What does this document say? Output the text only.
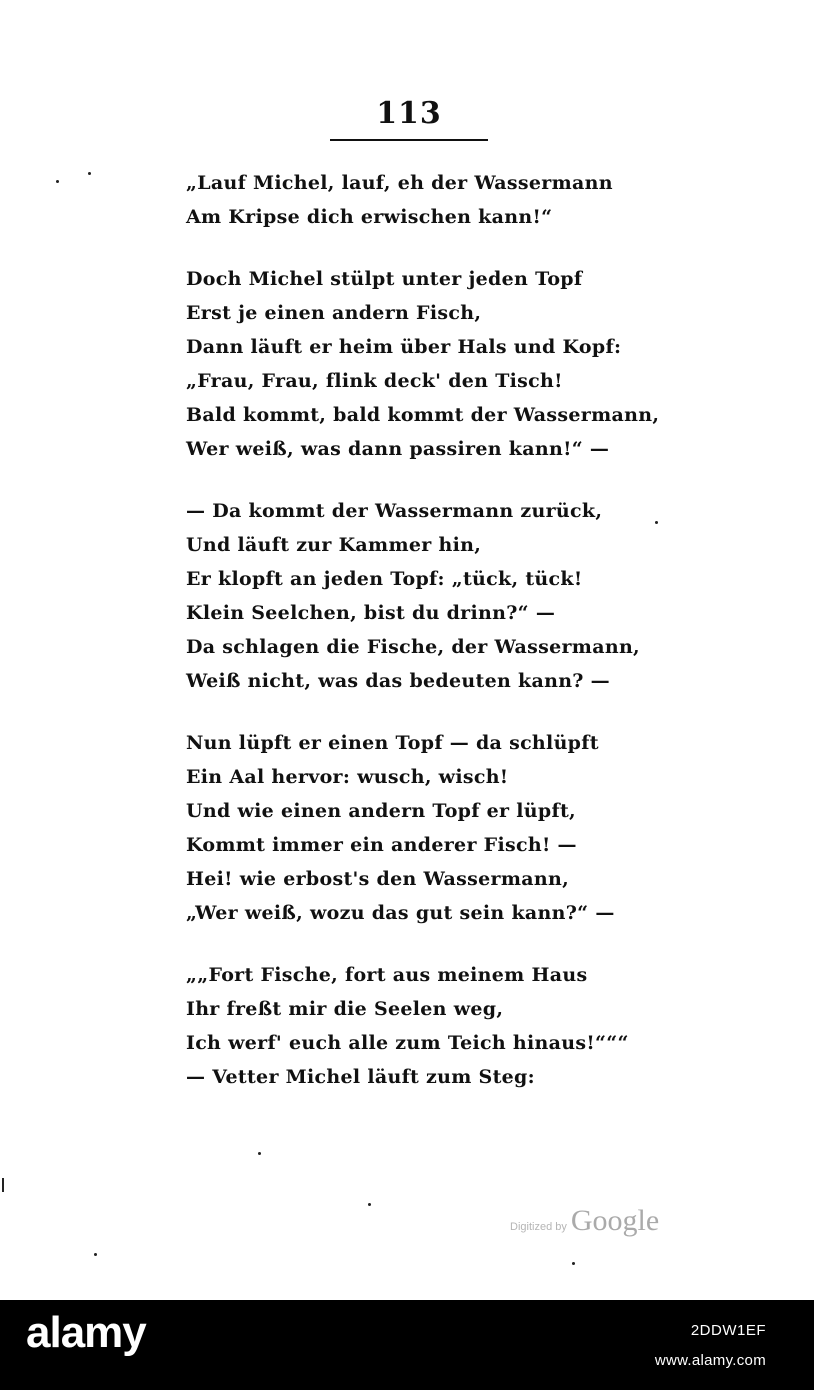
113
„Lauf Michel, lauf, eh der Wassermann
Am Kripse dich erwischen kann!“
Doch Michel stülpt unter jeden Topf
Erst je einen andern Fisch,
Dann läuft er heim über Hals und Kopf:
„Frau, Frau, flink deck' den Tisch!
Bald kommt, bald kommt der Wassermann,
Wer weiß, was dann passiren kann!“ —
— Da kommt der Wassermann zurück,
Und läuft zur Kammer hin,
Er klopft an jeden Topf: „tück, tück!
Klein Seelchen, bist du drinn?“ —
Da schlagen die Fische, der Wassermann,
Weiß nicht, was das bedeuten kann? —
Nun lüpft er einen Topf — da schlüpft
Ein Aal hervor: wusch, wisch!
Und wie einen andern Topf er lüpft,
Kommt immer ein anderer Fisch! —
Hei! wie erbost's den Wassermann,
„Wer weiß, wozu das gut sein kann?“ —
„„Fort Fische, fort aus meinem Haus
Ihr freßt mir die Seelen weg,
Ich werf' euch alle zum Teich hinaus!“““
— Vetter Michel läuft zum Steg:
Digitized by Google
alamy	2DDW1EF
www.alamy.com
